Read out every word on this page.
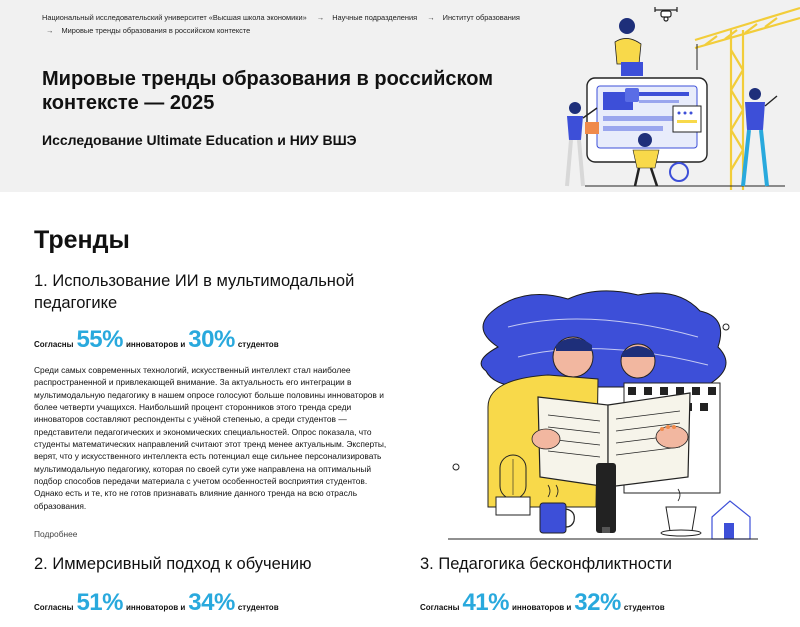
Национальный исследовательский университет «Высшая школа экономики» → Научные подразделения → Институт образования
→ Мировые тренды образования в российском контексте
Мировые тренды образования в российском контексте — 2025
Исследование Ultimate Education и НИУ ВШЭ
Тренды
1. Использование ИИ в мультимодальной педагогике
Согласны 55% инноваторов и 30% студентов

Среди самых современных технологий, искусственный интеллект стал наиболее распространенной и привлекающей внимание. За актуальность его интеграции в мультимодальную педагогику в нашем опросе голосуют больше половины инноваторов и более четверти учащихся. Наибольший процент сторонников этого тренда среди инноваторов составляют респонденты с учёной степенью, а среди студентов — представители педагогических и экономических специальностей. Опрос показала, что студенты математических направлений считают этот тренд менее актуальным. Эксперты, верят, что у искусственного интеллекта есть потенциал еще сильнее персонализировать мультимодальную педагогику, которая по своей сути уже направлена на оптимальный подбор способов передачи материала с учетом особенностей восприятия студентов. Однако есть и те, кто не готов признавать влияние данного тренда на всю отрасль образования.

Подробнее
2. Иммерсивный подход к обучению
Согласны 51% инноваторов и 34% студентов
3. Педагогика бесконфликтности
Согласны 41% инноваторов и 32% студентов
